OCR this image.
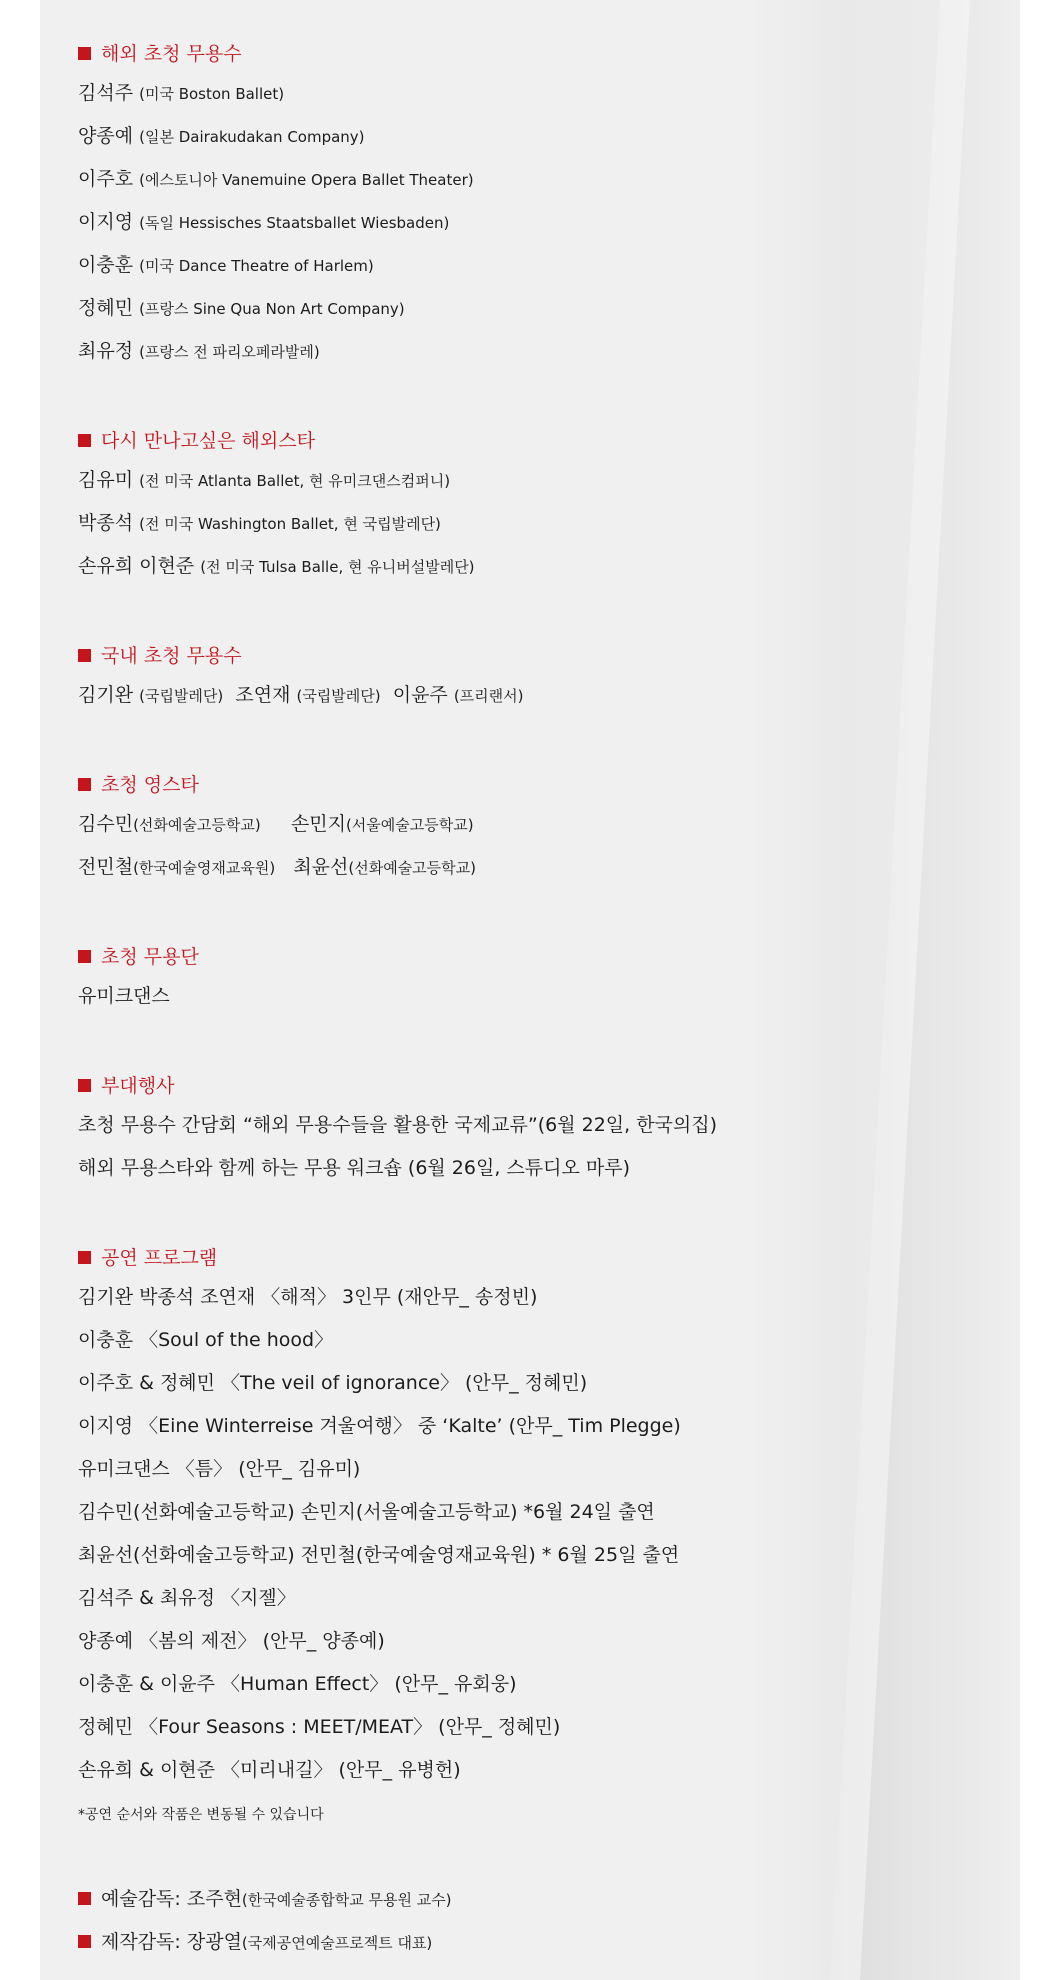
해외 초청 무용수
김석주 (미국 Boston Ballet)
양종예 (일본 Dairakudakan Company)
이주호 (에스토니아 Vanemuine Opera Ballet Theater)
이지영 (독일 Hessisches Staatsballet Wiesbaden)
이충훈 (미국 Dance Theatre of Harlem)
정혜민 (프랑스 Sine Qua Non Art Company)
최유정 (프랑스 전 파리오페라발레)
다시 만나고싶은 해외스타
김유미 (전 미국 Atlanta Ballet, 현 유미크댄스컴퍼니)
박종석 (전 미국 Washington Ballet, 현 국립발레단)
손유희 이현준 (전 미국 Tulsa Balle, 현 유니버설발레단)
국내 초청 무용수
김기완 (국립발레단) 조연재 (국립발레단) 이윤주 (프리랜서)
초청 영스타
김수민(선화예술고등학교) 손민지(서울예술고등학교)
전민철(한국예술영재교육원) 최윤선(선화예술고등학교)
초청 무용단
유미크댄스
부대행사
초청 무용수 간담회 “해외 무용수들을 활용한 국제교류”(6월 22일, 한국의집)
해외 무용스타와 함께 하는 무용 워크숍 (6월 26일, 스튜디오 마루)
공연 프로그램
김기완 박종석 조연재 〈해적〉 3인무 (재안무_ 송정빈)
이충훈 〈Soul of the hood〉
이주호 & 정혜민 〈The veil of ignorance〉 (안무_ 정혜민)
이지영 〈Eine Winterreise 겨울여행〉 중 ‘Kalte’ (안무_ Tim Plegge)
유미크댄스 〈틈〉 (안무_ 김유미)
김수민(선화예술고등학교) 손민지(서울예술고등학교) *6월 24일 출연
최윤선(선화예술고등학교) 전민철(한국예술영재교육원) * 6월 25일 출연
김석주 & 최유정 〈지젤〉
양종예 〈봄의 제전〉 (안무_ 양종예)
이충훈 & 이윤주 〈Human Effect〉 (안무_ 유회웅)
정혜민 〈Four Seasons : MEET/MEAT〉 (안무_ 정혜민)
손유희 & 이현준 〈미리내길〉 (안무_ 유병헌)
*공연 순서와 작품은 변동될 수 있습니다
예술감독: 조주현(한국예술종합학교 무용원 교수)
제작감독: 장광열(국제공연예술프로젝트 대표)
